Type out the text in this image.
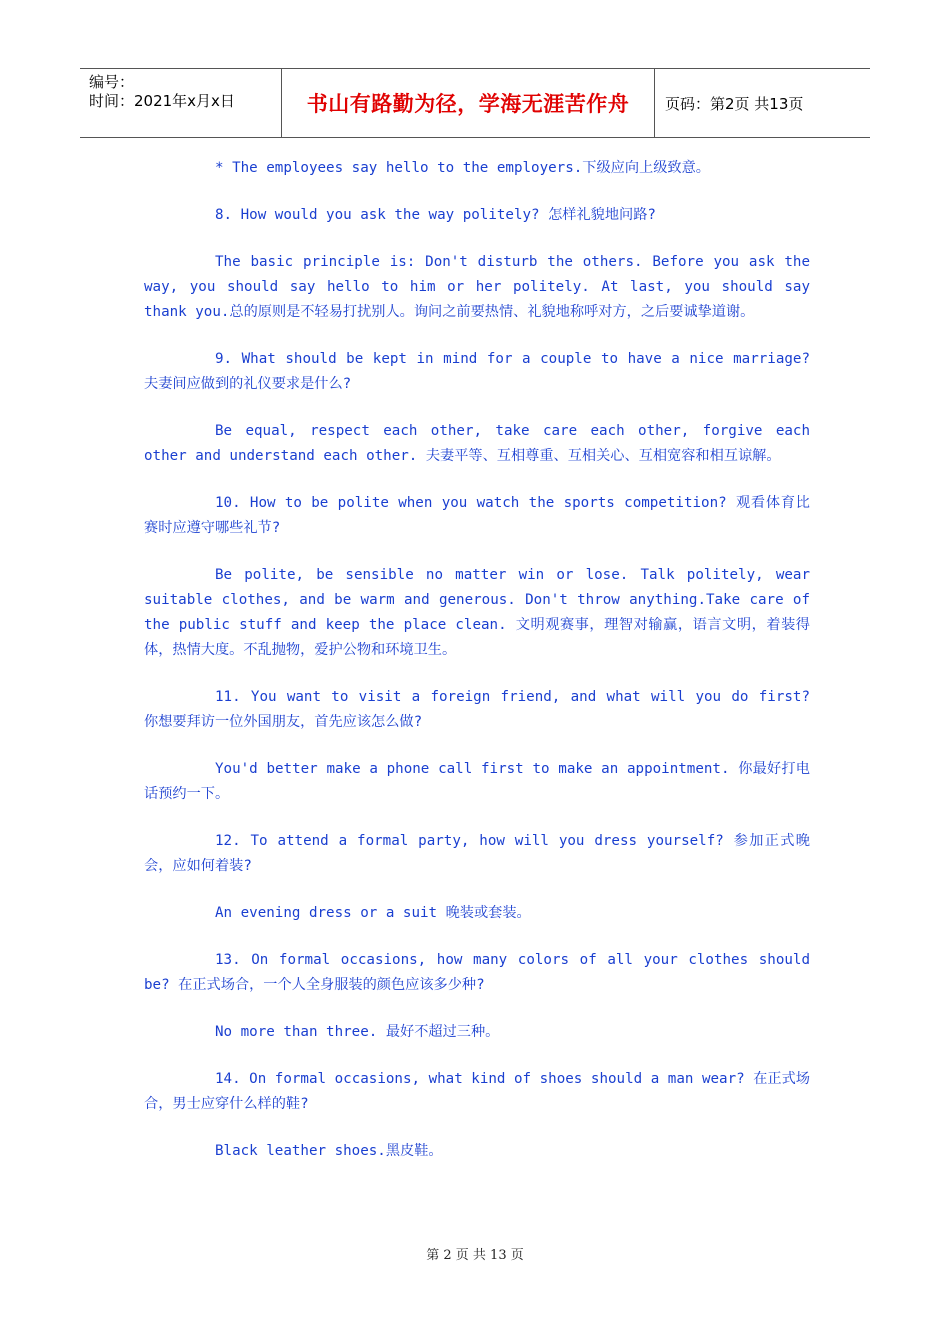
编号：
时间：2021年x月x日	书山有路勤为径，学海无涯苦作舟 页码：第2页 共13页

* The employees say hello to the employers.下级应向上级致意。

8. How would you ask the way politely? 怎样礼貌地问路?

The basic principle is: Don't disturb the others. Before you ask the way, you should say hello to him or her politely. At last, you should say thank you.总的原则是不轻易打扰别人。询问之前要热情、礼貌地称呼对方，之后要诚挚道谢。

9. What should be kept in mind for a couple to have a nice marriage? 夫妻间应做到的礼仪要求是什么?

Be equal, respect each other, take care each other, forgive each other and understand each other. 夫妻平等、互相尊重、互相关心、互相宽容和相互谅解。

10. How to be polite when you watch the sports competition? 观看体育比赛时应遵守哪些礼节?

Be polite, be sensible no matter win or lose. Talk politely, wear suitable clothes, and be warm and generous. Don't throw anything.Take care of the public stuff and keep the place clean. 文明观赛事，理智对输赢，语言文明，着装得体，热情大度。不乱抛物，爱护公物和环境卫生。

11. You want to visit a foreign friend, and what will you do first? 你想要拜访一位外国朋友，首先应该怎么做?

You'd better make a phone call first to make an appointment. 你最好打电话预约一下。

12. To attend a formal party, how will you dress yourself? 参加正式晚会，应如何着装?

An evening dress or a suit 晚装或套装。

13. On formal occasions, how many colors of all your clothes should be? 在正式场合，一个人全身服装的颜色应该多少种?

No more than three. 最好不超过三种。

14. On formal occasions, what kind of shoes should a man wear? 在正式场合，男士应穿什么样的鞋?

Black leather shoes.黑皮鞋。

第 2 页 共 13 页
